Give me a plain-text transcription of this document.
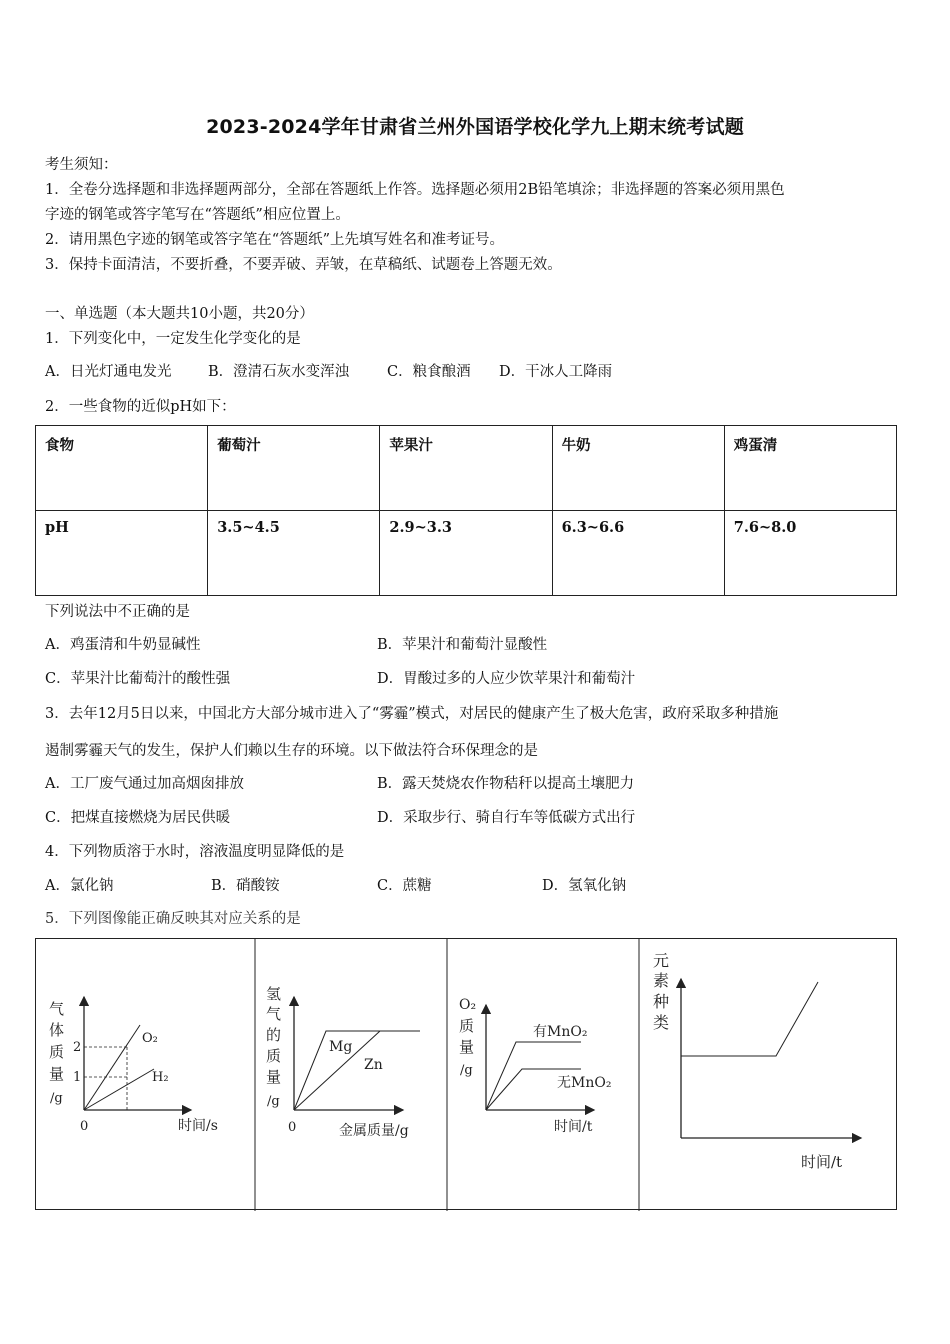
2023-2024学年甘肃省兰州外国语学校化学九上期末统考试题
考生须知：
1．全卷分选择题和非选择题两部分，全部在答题纸上作答。选择题必须用2B铅笔填涂；非选择题的答案必须用黑色
字迹的钢笔或答字笔写在“答题纸”相应位置上。
2．请用黑色字迹的钢笔或答字笔在“答题纸”上先填写姓名和准考证号。
3．保持卡面清洁，不要折叠，不要弄破、弄皱，在草稿纸、试题卷上答题无效。
一、单选题（本大题共10小题，共20分）
1．下列变化中，一定发生化学变化的是
A．日光灯通电发光	B．澄清石灰水变浑浊	C．粮食酿酒 D．干冰人工降雨
2．一些食物的近似pH如下：
食物	葡萄汁	苹果汁	牛奶	鸡蛋清
pH	3.5~4.5	2.9~3.3	6.3~6.6	7.6~8.0
下列说法中不正确的是
A．鸡蛋清和牛奶显碱性	B．苹果汁和葡萄汁显酸性
C．苹果汁比葡萄汁的酸性强	D．胃酸过多的人应少饮苹果汁和葡萄汁
3．去年12月5日以来，中国北方大部分城市进入了“雾霾”模式，对居民的健康产生了极大危害，政府采取多种措施
遏制雾霾天气的发生，保护人们赖以生存的环境。以下做法符合环保理念的是
A．工厂废气通过加高烟囱排放	B．露天焚烧农作物秸秆以提高土壤肥力
C．把煤直接燃烧为居民供暖	D．采取步行、骑自行车等低碳方式出行
4．下列物质溶于水时，溶液温度明显降低的是
A．氯化钠	B．硝酸铵	C．蔗糖	D．氢氧化钠
5．下列图像能正确反映其对应关系的是
气
体
质
量
/g
2
1
0
O₂
H₂
时间/s
氢
气
的
质
量
/g
0
Mg
Zn
金属质量/g
O₂
质
量
/g
有MnO₂
无MnO₂
时间/t
元
素
种
类
时间/t
